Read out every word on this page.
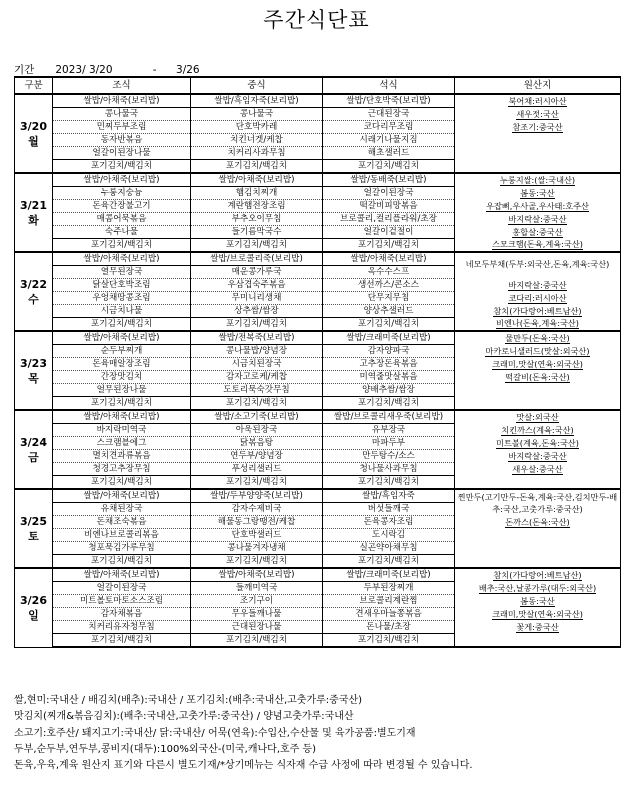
주간식단표
기간 2023/ 3/20	- 3/26
구분	조식	중식	석식	원산지

3/20
월	쌀밥/아채죽(보리밥)	쌀밥/흑임자죽(보리밥)	쌀밥/단호박죽(보리밥)	북어채:러시아산
	콩나물국	콩나물국	근대된장국	새우젓:국산
	민찌두부조림	단호박카레	코다리무조림	참조기:중국산
	동자반볶음	치킨너겟/케찹	시래기나물지짐	
	얼갈이된장나물	치커리사과무침	해초샐러드	
	포기김치/백김치	포기김치/백김치	포기김치/백김치	

3/21
화	쌀밥/아채죽(보리밥)	쌀밥/아채죽(보리밥)	쌀밥/동배죽(보리밥)	누룽지쌀:(쌀:국내산)
	누룽지숭늉	햄김치찌개	얼갈이된장국	봄동:국산
	돈육간장불고기	계란햄전장조림	떡갈비피망볶음	우잡뼈,우사골,우사태:호주산
	매콤어묵볶음	부추오이무침	브로콜리,컬리플라워/초장	바지락살:중국산
	숙주나물	들기름막국수	얼갈이겉절이	홍합살:중국산
	포기김치/백김치	포기김치/백김치	포기김치/백김치	스모크햄(돈육,계육:국산)

3/22
수	쌀밥/아채죽(보리밥)	쌀밥/브로콜리죽(보리밥)	쌀밥/아채죽(보리밥)	네모두부채(두부:외국산,돈육,계육:국산)
	열무된장국	매운콩가루국	옥수수스프	
	닭살단호박조림	우삼겹숙주볶음	생선까스/콘소스	바지락살:중국산
	우엉채땅콩조림	무미니리생채	단무지무침	코다리:러시아산
	시금치나물	상추쌈/쌈장	양상추샐러드	참치(가다랑어:베트남산)
	포기김치/백김치	포기김치/백김치	포기김치/백김치	비엔나(돈육,계육:국산)

3/23
목	쌀밥/아채죽(보리밥)	쌀밥/전복죽(보리밥)	쌀밥/크래미죽(보리밥)	물만두(돈육:국산)
	순두부찌개	콩나물밥/양념장	감자양파국	마카로니샐러드(맛살:외국산)
	돈육매알장조림	시금치된장국	고추장돈육볶음	크래미,맛살(연육:외국산)
	간장맛김치	감자고로케/케찹	미역줄맛살볶음	떡갈비(돈육:국산)
	얼무된장나물	도토리묵숙갓무침	양배추쌈/쌈장	
	포기김치/백김치	포기김치/백김치	포기김치/백김치	

3/24
금	쌀밥/아채죽(보리밥)	쌀밥/소고기죽(보리밥)	쌀밥/브로콜리새우죽(보리밥)	맛살:외국산
	바지락미역국	아욱된장국	유부장국	치킨까스(계육:국산)
	스크램블에그	닭볶음탕	마파두부	미트볼(계육,돈육:국산)
	멸치견과류볶음	연두부/양념장	만두탕수/소스	바지락살:중국산
	청경고추장무침	푸성리샐러드	청나물사과무침	새우살:중국산
	포기김치/백김치	포기김치/백김치	포기김치/백김치	

3/25
토	쌀밥/아채죽(보리밥)	쌀밥/두부양양죽(보리밥)	쌀밥/흑임자죽	찐만두(고기만두-돈육,계육:국산,김치만두-배추:국산,고춧가루:중국산)
	유채된장국	감자수제비국	버섯들깨국	
	돈채조숙볶음	해물동그랑땡전/케찹	돈육콩자조림	돈까스(돈육:국산)
	비엔나브로콜리볶음	단호박샐러드	도시락김	
	청포묵김가루무침	콩나물겨자냉채	실곤약아채무침	
	포기김치/백김치	포기김치/백김치	포기김치/백김치	

3/26
일	쌀밥/아채죽(보리밥)	쌀밥/아채죽(보리밥)	쌀밥/크래미죽(보리밥)	참치(가다랑어:베트남산)
	얼갈이된장국	들깨미역국	두부된장찌개	배추:국산,날콩가루(대두:외국산)
	미트볼토마토소스조림	조기구이	브로콜리계란찜	봄동:국산
	감자채볶음	무우들깨나물	견새우마늘쫑볶음	크래미,맛살(연육:외국산)
	치커리유자청무침	근대된장나물	돈나물/초장	꽃게:중국산
	포기김치/백김치	포기김치/백김치	포기김치/백김치	
쌀,현미:국내산 / 배김치(배추):국내산 / 포기김치:(배추:국내산,고춧가루:중국산)
맛김치(찌개&볶음김치):(배추:국내산,고춧가루:중국산) / 양념고춧가루:국내산
소고기:호주산/ 돼지고기:국내산/ 닭:국내산/ 어묵(연육):수입산,수산물 및 육가공품:별도기재
두부,순두부,연두부,콩비지(대두):100%외국산-(미국,캐나다,호주 등)
돈육,우육,계육 원산지 표기와 다른시 별도기재/*상기메뉴는 식자재 수급 사정에 따라 변경될 수 있습니다.
